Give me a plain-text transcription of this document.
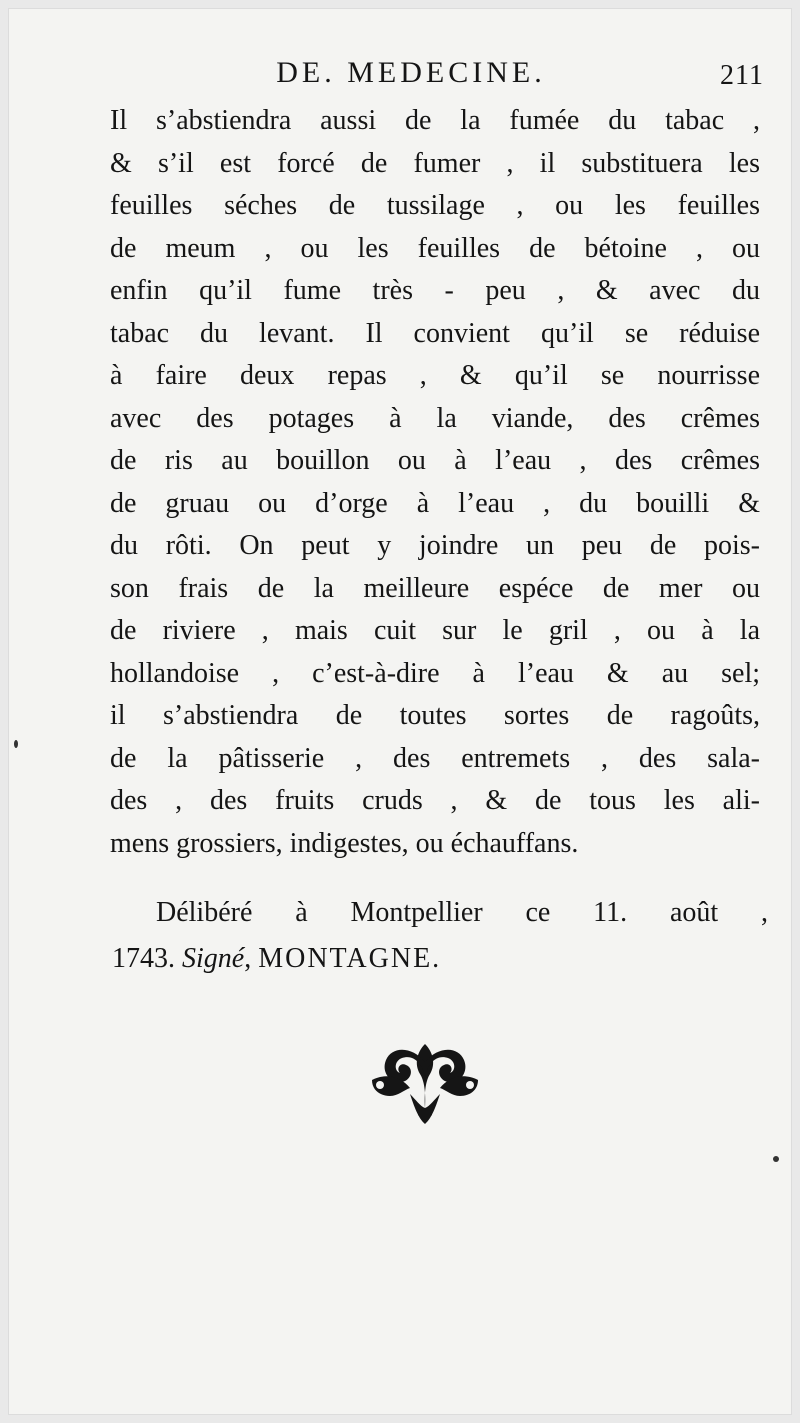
DE. MEDECINE.	211
Il s’abstiendra aussi de la fumée du tabac ,
& s’il est forcé de fumer , il substituera les
feuilles séches de tussilage , ou les feuilles
de meum , ou les feuilles de bétoine , ou
enfin qu’il fume très - peu , & avec du
tabac du levant. Il convient qu’il se réduise
à faire deux repas , & qu’il se nourrisse
avec des potages à la viande, des crêmes
de ris au bouillon ou à l’eau , des crêmes
de gruau ou d’orge à l’eau , du bouilli &
du rôti. On peut y joindre un peu de pois-
son frais de la meilleure espéce de mer ou
de riviere , mais cuit sur le gril , ou à la
hollandoise , c’est-à-dire à l’eau & au sel;
il s’abstiendra de toutes sortes de ragoûts,
de la pâtisserie , des entremets , des sala-
des , des fruits cruds , & de tous les ali-
mens grossiers, indigestes, ou échauffans.
Délibéré à Montpellier ce 11. août ,
1743. Signé, MONTAGNE.
